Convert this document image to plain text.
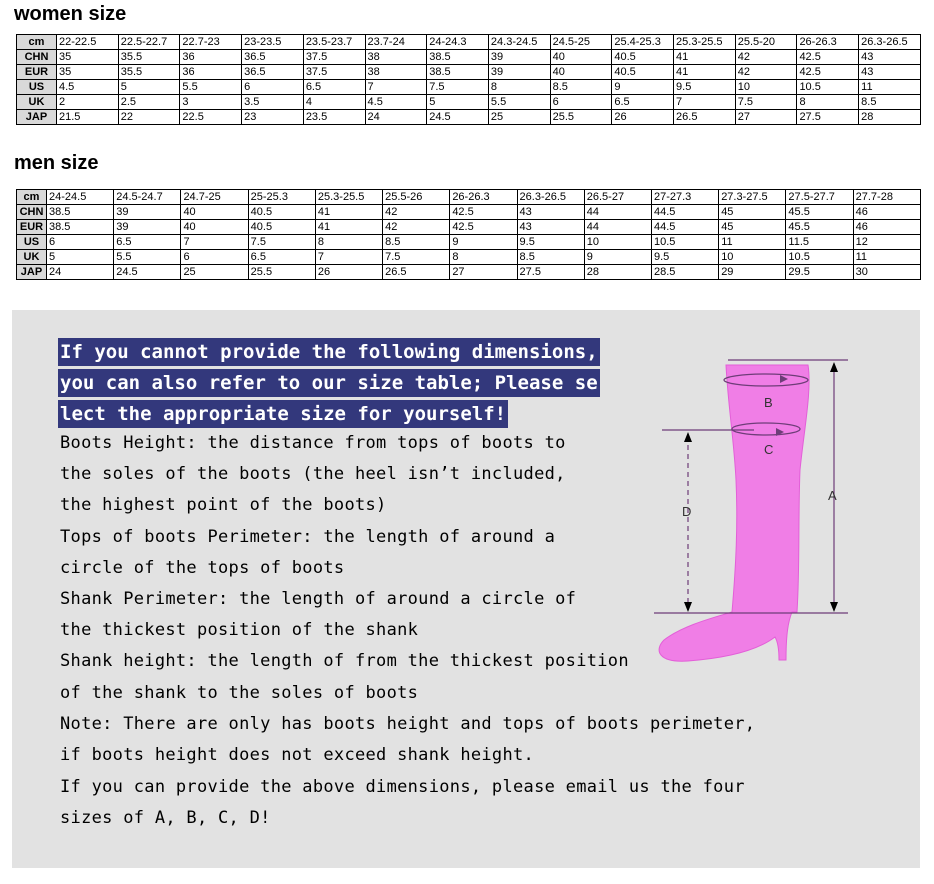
women size
cm	22-22.5	22.5-22.7	22.7-23	23-23.5	23.5-23.7	23.7-24	24-24.3	24.3-24.5	24.5-25	25.4-25.3	25.3-25.5	25.5-20	26-26.3	26.3-26.5
CHN	35	35.5	36	36.5	37.5	38	38.5	39	40	40.5	41	42	42.5	43
EUR	35	35.5	36	36.5	37.5	38	38.5	39	40	40.5	41	42	42.5	43
US	4.5	5	5.5	6	6.5	7	7.5	8	8.5	9	9.5	10	10.5	11
UK	2	2.5	3	3.5	4	4.5	5	5.5	6	6.5	7	7.5	8	8.5
JAP	21.5	22	22.5	23	23.5	24	24.5	25	25.5	26	26.5	27	27.5	28
men size
cm	24-24.5	24.5-24.7	24.7-25	25-25.3	25.3-25.5	25.5-26	26-26.3	26.3-26.5	26.5-27	27-27.3	27.3-27.5	27.5-27.7	27.7-28
CHN	38.5	39	40	40.5	41	42	42.5	43	44	44.5	45	45.5	46
EUR	38.5	39	40	40.5	41	42	42.5	43	44	44.5	45	45.5	46
US	6	6.5	7	7.5	8	8.5	9	9.5	10	10.5	11	11.5	12
UK	5	5.5	6	6.5	7	7.5	8	8.5	9	9.5	10	10.5	11
JAP	24	24.5	25	25.5	26	26.5	27	27.5	28	28.5	29	29.5	30
If you cannot provide the following dimensions,
you can also refer to our size table; Please se
lect the appropriate size for yourself!
Boots Height: the distance from tops of boots to
the soles of the boots (the heel isn’t included,
the highest point of the boots)
Tops of boots Perimeter: the length of around a
circle of the tops of boots
Shank Perimeter: the length of around a circle of
the thickest position of the shank
Shank height: the length of from the thickest position
of the shank to the soles of boots
Note: There are only has boots height and tops of boots perimeter,
if boots height does not exceed shank height.
If you can provide the above dimensions, please email us the four
sizes of A, B, C, D!
A
B
C
D
